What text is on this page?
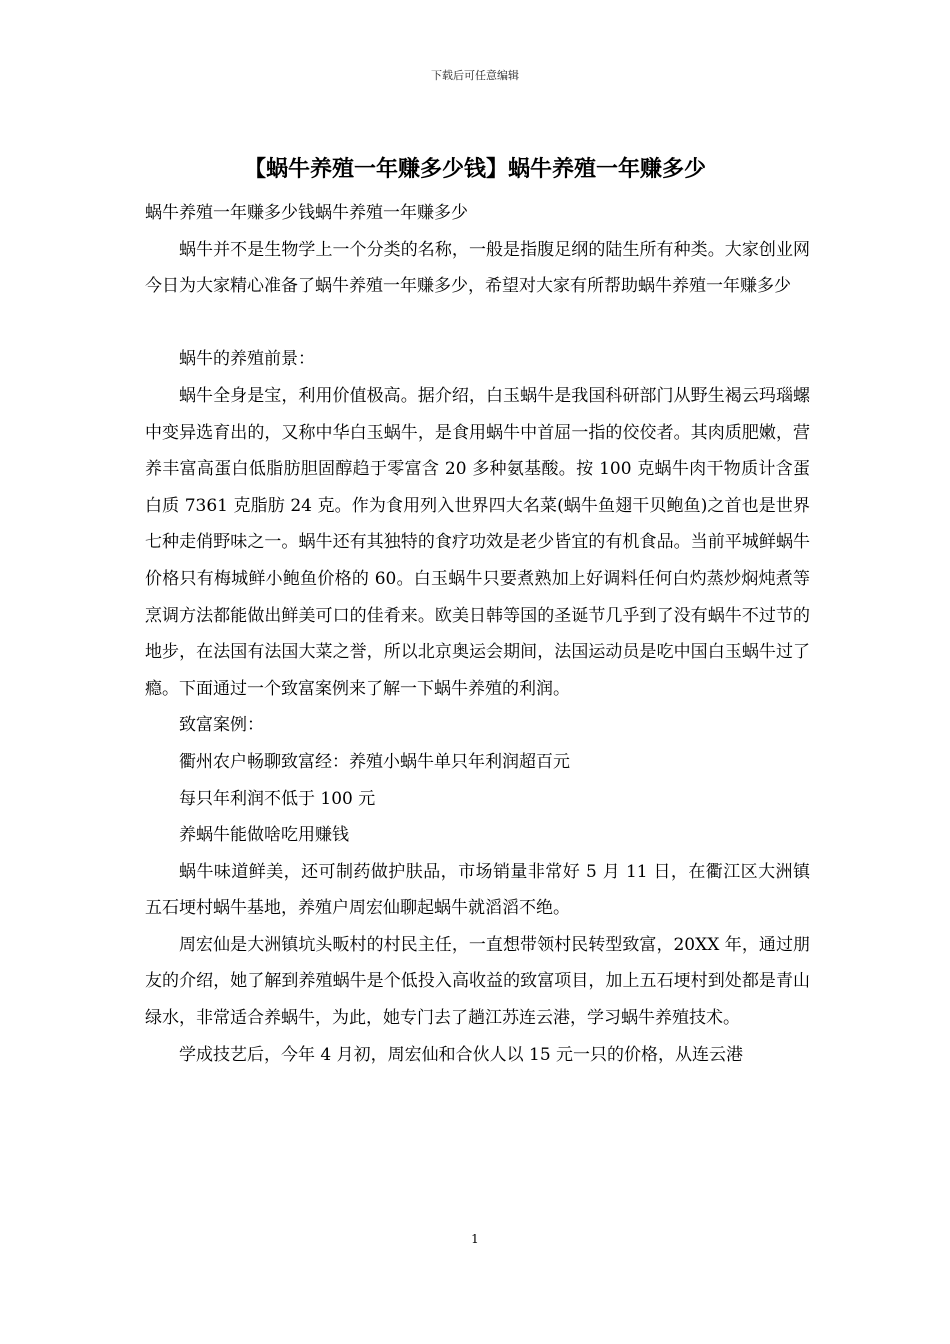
下载后可任意编辑
【蜗牛养殖一年赚多少钱】蜗牛养殖一年赚多少

蜗牛养殖一年赚多少钱蜗牛养殖一年赚多少

蜗牛并不是生物学上一个分类的名称，一般是指腹足纲的陆生所有种类。大家创业网今日为大家精心准备了蜗牛养殖一年赚多少，希望对大家有所帮助蜗牛养殖一年赚多少

蜗牛的养殖前景：

蜗牛全身是宝，利用价值极高。据介绍，白玉蜗牛是我国科研部门从野生褐云玛瑙螺中变异选育出的，又称中华白玉蜗牛，是食用蜗牛中首屈一指的佼佼者。其肉质肥嫩，营养丰富高蛋白低脂肪胆固醇趋于零富含 20 多种氨基酸。按 100 克蜗牛肉干物质计含蛋白质 7361 克脂肪 24 克。作为食用列入世界四大名菜(蜗牛鱼翅干贝鲍鱼)之首也是世界七种走俏野味之一。蜗牛还有其独特的食疗功效是老少皆宜的有机食品。当前平城鲜蜗牛价格只有梅城鲜小鲍鱼价格的 60。白玉蜗牛只要煮熟加上好调料任何白灼蒸炒焖炖煮等烹调方法都能做出鲜美可口的佳肴来。欧美日韩等国的圣诞节几乎到了没有蜗牛不过节的地步，在法国有法国大菜之誉，所以北京奥运会期间，法国运动员是吃中国白玉蜗牛过了瘾。下面通过一个致富案例来了解一下蜗牛养殖的利润。

致富案例：

衢州农户畅聊致富经：养殖小蜗牛单只年利润超百元

每只年利润不低于 100 元

养蜗牛能做啥吃用赚钱

蜗牛味道鲜美，还可制药做护肤品，市场销量非常好 5 月 11 日，在衢江区大洲镇五石埂村蜗牛基地，养殖户周宏仙聊起蜗牛就滔滔不绝。

周宏仙是大洲镇坑头畈村的村民主任，一直想带领村民转型致富，20XX 年，通过朋友的介绍，她了解到养殖蜗牛是个低投入高收益的致富项目，加上五石埂村到处都是青山绿水，非常适合养蜗牛，为此，她专门去了趟江苏连云港，学习蜗牛养殖技术。

学成技艺后，今年 4 月初，周宏仙和合伙人以 15 元一只的价格，从连云港

1
